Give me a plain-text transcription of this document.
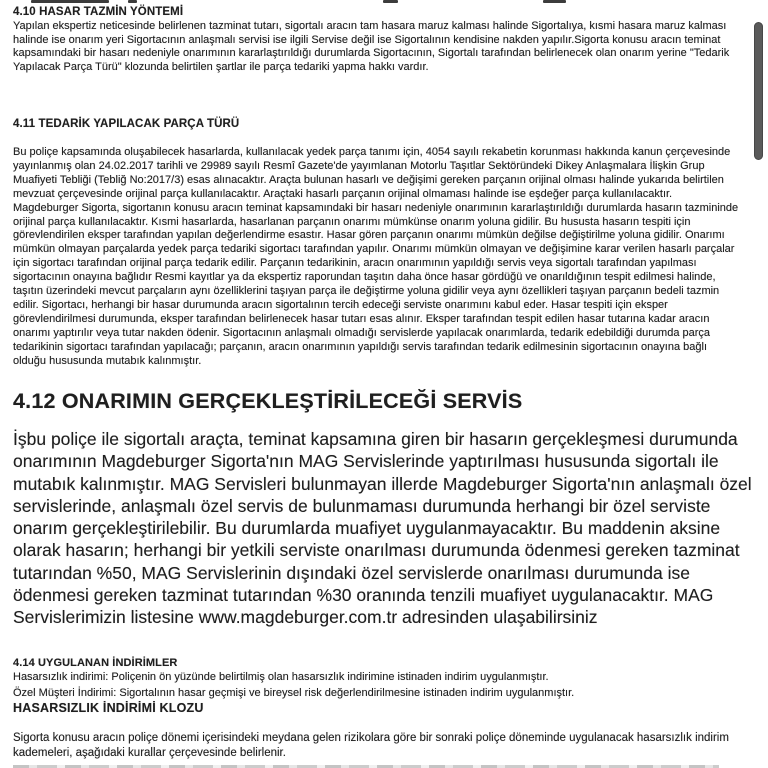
4.10 HASAR TAZMİN YÖNTEMİ

Yapılan ekspertiz neticesinde belirlenen tazminat tutarı, sigortalı aracın tam hasara maruz kalması halinde Sigortalıya, kısmi hasara maruz kalması halinde ise onarım yeri Sigortacının anlaşmalı servisi ise ilgili Servise değil ise Sigortalının kendisine nakden yapılır.Sigorta konusu aracın teminat kapsamındaki bir hasarı nedeniyle onarımının kararlaştırıldığı durumlarda Sigortacının, Sigortalı tarafından belirlenecek olan onarım yerine "Tedarik Yapılacak Parça Türü" klozunda belirtilen şartlar ile parça tedariki yapma hakkı vardır.

4.11 TEDARİK YAPILACAK PARÇA TÜRÜ

Bu poliçe kapsamında oluşabilecek hasarlarda, kullanılacak yedek parça tanımı için, 4054 sayılı rekabetin korunması hakkında kanun çerçevesinde yayınlanmış olan 24.02.2017 tarihli ve 29989 sayılı Resmî Gazete'de yayımlanan Motorlu Taşıtlar Sektöründeki Dikey Anlaşmalara İlişkin Grup Muafiyeti Tebliği (Tebliğ No:2017/3) esas alınacaktır. Araçta bulunan hasarlı ve değişimi gereken parçanın orijinal olması halinde yukarıda belirtilen mevzuat çerçevesinde orijinal parça kullanılacaktır. Araçtaki hasarlı parçanın orijinal olmaması halinde ise eşdeğer parça kullanılacaktır. Magdeburger Sigorta, sigortanın konusu aracın teminat kapsamındaki bir hasarı nedeniyle onarımının kararlaştırıldığı durumlarda hasarın tazmininde orijinal parça kullanılacaktır. Kısmi hasarlarda, hasarlanan parçanın onarımı mümkünse onarım yoluna gidilir. Bu hususta hasarın tespiti için görevlendirilen eksper tarafından yapılan değerlendirme esastır. Hasar gören parçanın onarımı mümkün değilse değiştirilme yoluna gidilir. Onarımı mümkün olmayan parçalarda yedek parça tedariki sigortacı tarafından yapılır. Onarımı mümkün olmayan ve değişimine karar verilen hasarlı parçalar için sigortacı tarafından orijinal parça tedarik edilir. Parçanın tedarikinin, aracın onarımının yapıldığı servis veya sigortalı tarafından yapılması sigortacının onayına bağlıdır Resmi kayıtlar ya da ekspertiz raporundan taşıtın daha önce hasar gördüğü ve onarıldığının tespit edilmesi halinde, taşıtın üzerindeki mevcut parçaların aynı özelliklerini taşıyan parça ile değiştirme yoluna gidilir veya aynı özellikleri taşıyan parçanın bedeli tazmin edilir. Sigortacı, herhangi bir hasar durumunda aracın sigortalının tercih edeceği serviste onarımını kabul eder. Hasar tespiti için eksper görevlendirilmesi durumunda, eksper tarafından belirlenecek hasar tutarı esas alınır. Eksper tarafından tespit edilen hasar tutarına kadar aracın onarımı yaptırılır veya tutar nakden ödenir. Sigortacının anlaşmalı olmadığı servislerde yapılacak onarımlarda, tedarik edebildiği durumda parça tedarikinin sigortacı tarafından yapılacağı; parçanın, aracın onarımının yapıldığı servis tarafından tedarik edilmesinin sigortacının onayına bağlı olduğu hususunda mutabık kalınmıştır.

4.12 ONARIMIN GERÇEKLEŞTİRİLECEĞİ SERVİS

İşbu poliçe ile sigortalı araçta, teminat kapsamına giren bir hasarın gerçekleşmesi durumunda onarımının Magdeburger Sigorta'nın MAG Servislerinde yaptırılması hususunda sigortalı ile mutabık kalınmıştır. MAG Servisleri bulunmayan illerde Magdeburger Sigorta'nın anlaşmalı özel servislerinde, anlaşmalı özel servis de bulunmaması durumunda herhangi bir özel serviste onarım gerçekleştirilebilir. Bu durumlarda muafiyet uygulanmayacaktır. Bu maddenin aksine olarak hasarın; herhangi bir yetkili serviste onarılması durumunda ödenmesi gereken tazminat tutarından %50, MAG Servislerinin dışındaki özel servislerde onarılması durumunda ise ödenmesi gereken tazminat tutarından %30 oranında tenzili muafiyet uygulanacaktır. MAG Servislerimizin listesine www.magdeburger.com.tr adresinden ulaşabilirsiniz

4.14 UYGULANAN İNDİRİMLER
Hasarsızlık indirimi: Poliçenin ön yüzünde belirtilmiş olan hasarsızlık indirimine istinaden indirim uygulanmıştır.
Özel Müşteri İndirimi: Sigortalının hasar geçmişi ve bireysel risk değerlendirilmesine istinaden indirim uygulanmıştır.
HASARSIZLIK İNDİRİMİ KLOZU

Sigorta konusu aracın poliçe dönemi içerisindeki meydana gelen rizikolara göre bir sonraki poliçe döneminde uygulanacak hasarsızlık indirim kademeleri, aşağıdaki kurallar çerçevesinde belirlenir.
